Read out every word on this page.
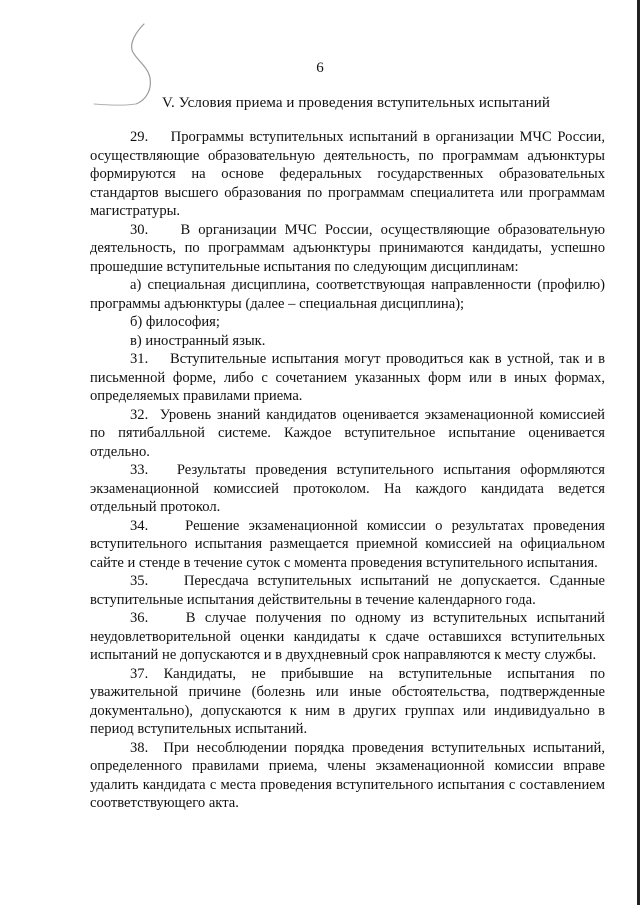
6
V. Условия приема и проведения вступительных испытаний

29.    Программы вступительных испытаний в организации МЧС России, осуществляющие образовательную деятельность, по программам адъюнктуры формируются на основе федеральных государственных образовательных стандартов высшего образования по программам специалитета или программам магистратуры.

30.    В организации МЧС России, осуществляющие образовательную деятельность, по программам адъюнктуры принимаются кандидаты, успешно прошедшие вступительные испытания по следующим дисциплинам:

а) специальная дисциплина, соответствующая направленности (профилю) программы адъюнктуры (далее – специальная дисциплина);

б) философия;

в) иностранный язык.

31.    Вступительные испытания могут проводиться как в устной, так и в письменной форме, либо с сочетанием указанных форм или в иных формах, определяемых правилами приема.

32.  Уровень знаний кандидатов оценивается экзаменационной комиссией по пятибалльной системе. Каждое вступительное испытание оценивается отдельно.

33.   Результаты проведения вступительного испытания оформляются экзаменационной комиссией протоколом. На каждого кандидата ведется отдельный протокол.

34.    Решение экзаменационной комиссии о результатах проведения вступительного испытания размещается приемной комиссией на официальном сайте и стенде в течение суток с момента проведения вступительного испытания.

35.    Пересдача вступительных испытаний не допускается. Сданные вступительные испытания действительны в течение календарного года.

36.    В случае получения по одному из вступительных испытаний неудовлетворительной оценки кандидаты к сдаче оставшихся вступительных испытаний не допускаются и в двухдневный срок направляются к месту службы.

37. Кандидаты, не прибывшие на вступительные испытания по уважительной причине (болезнь или иные обстоятельства, подтвержденные документально), допускаются к ним в других группах или индивидуально в период вступительных испытаний.

38.  При несоблюдении порядка проведения вступительных испытаний, определенного правилами приема, члены экзаменационной комиссии вправе удалить кандидата с места проведения вступительного испытания с составлением соответствующего акта.
